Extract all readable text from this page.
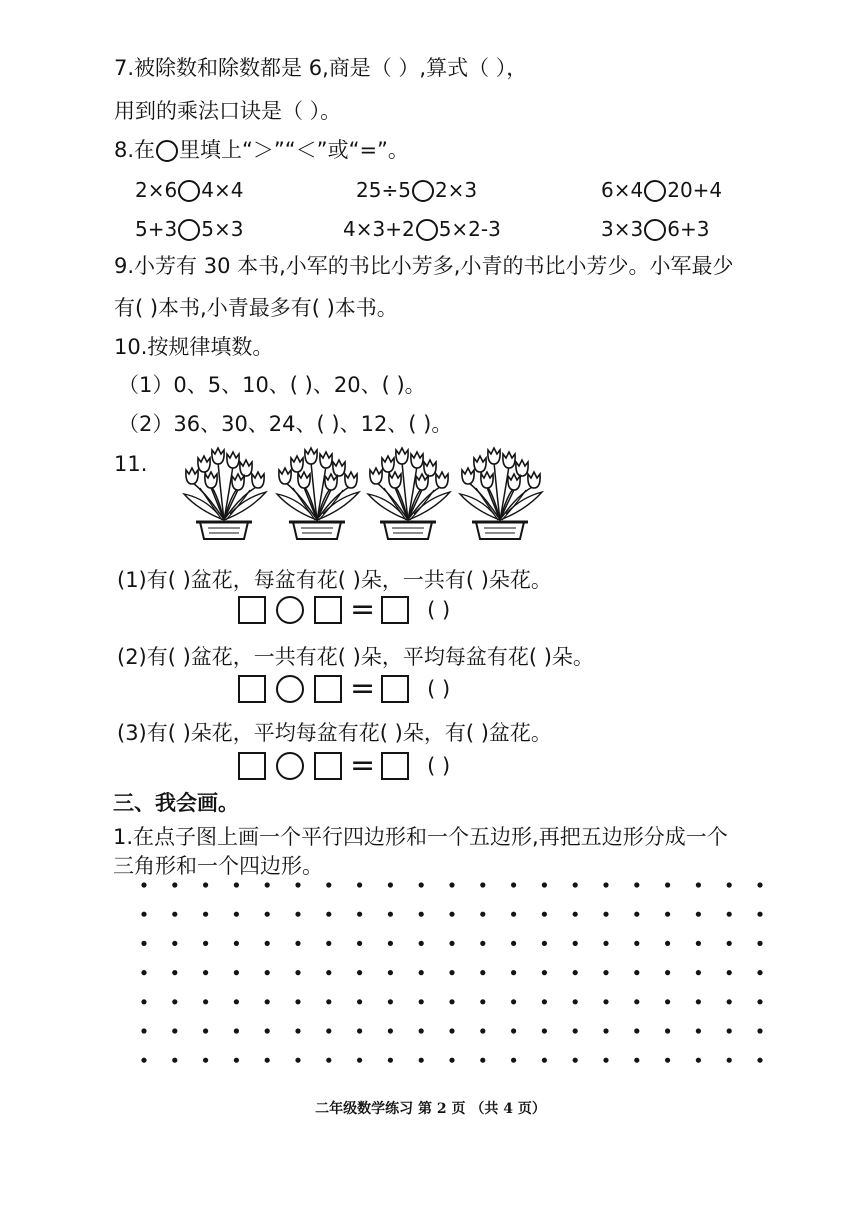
7.被除数和除数都是 6,商是（ ）,算式（ ），
用到的乘法口诀是（ ）。
8.在 里填上“＞”“＜”或“=”。
2×6 4×4	25÷5 2×3	6×4 20+4
5+3 5×3	4×3+2 5×2-3	3×3 6+3
9.小芳有 30 本书,小军的书比小芳多,小青的书比小芳少。小军最少
有( )本书,小青最多有( )本书。
10.按规律填数。
（1）0、5、10、( )、20、( )。
（2）36、30、24、( )、12、( )。
11.
(1)有( )盆花，每盆有花( )朵，一共有( )朵花。
= ( )
(2)有( )盆花，一共有花( )朵，平均每盆有花( )朵。
= ( )
(3)有( )朵花，平均每盆有花( )朵，有( )盆花。
= ( )
三、我会画。
1.在点子图上画一个平行四边形和一个五边形,再把五边形分成一个
三角形和一个四边形。
二年级数学练习 第 2 页 （共 4 页）
